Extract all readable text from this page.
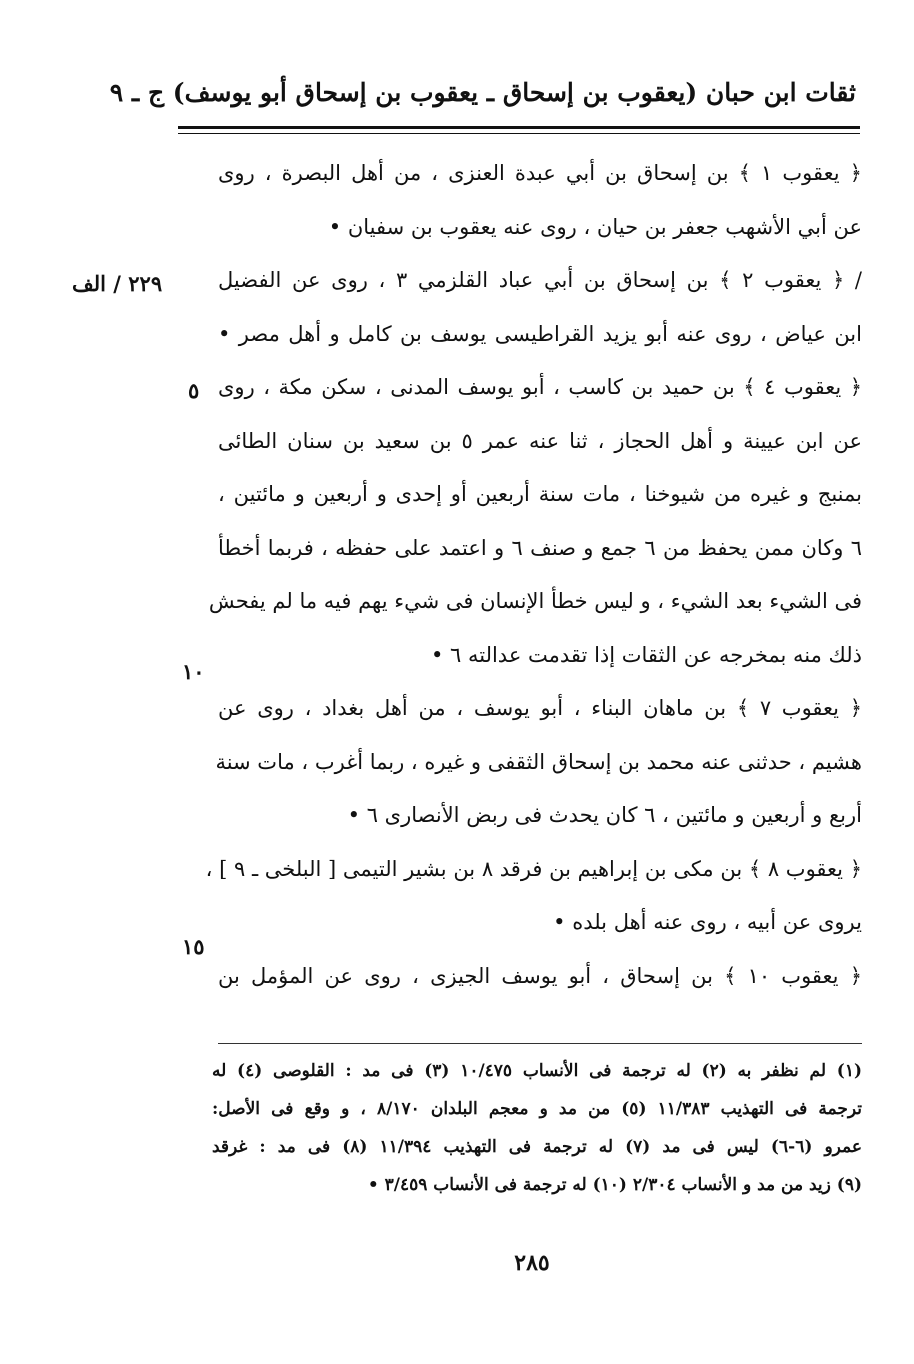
ثقات ابن حبان (يعقوب بن إسحاق ـ يعقوب بن إسحاق أبو يوسف) ج ـ ٩
﴿ يعقوب ١ ﴾ بن إسحاق بن أبي عبدة العنزى ، من أهل البصرة ، روى
عن أبي الأشهب جعفر بن حيان ، روى عنه يعقوب بن سفيان •
/ ﴿ يعقوب ٢ ﴾ بن إسحاق بن أبي عباد القلزمي ٣ ، روى عن الفضيل
ابن عياض ، روى عنه أبو يزيد القراطيسى يوسف بن كامل و أهل مصر •
﴿ يعقوب ٤ ﴾ بن حميد بن كاسب ، أبو يوسف المدنى ، سكن مكة ، روى
عن ابن عيينة و أهل الحجاز ، ثنا عنه عمر ٥ بن سعيد بن سنان الطائى
بمنبج و غيره من شيوخنا ، مات سنة أربعين أو إحدى و أربعين و مائتين ،
٦ وكان ممن يحفظ من ٦ جمع و صنف ٦ و اعتمد على حفظه ، فربما أخطأ
فى الشيء بعد الشيء ، و ليس خطأ الإنسان فى شيء يهم فيه ما لم يفحش
ذلك منه بمخرجه عن الثقات إذا تقدمت عدالته ٦ •
﴿ يعقوب ٧ ﴾ بن ماهان البناء ، أبو يوسف ، من أهل بغداد ، روى عن
هشيم ، حدثنى عنه محمد بن إسحاق الثقفى و غيره ، ربما أغرب ، مات سنة
أربع و أربعين و مائتين ، ٦ كان يحدث فى ربض الأنصارى ٦ •
﴿ يعقوب ٨ ﴾ بن مكى بن إبراهيم بن فرقد ٨ بن بشير التيمى [ البلخى ـ ٩ ] ،
يروى عن أبيه ، روى عنه أهل بلده •
﴿ يعقوب ١٠ ﴾ بن إسحاق ، أبو يوسف الجيزى ، روى عن المؤمل بن
٢٢٩ / الف
٥
١٠
١٥
(١) لم نظفر به (٢) له ترجمة فى الأنساب ١٠/٤٧٥ (٣) فى مد : القلوصى (٤) له
ترجمة فى التهذيب ١١/٣٨٣ (٥) من مد و معجم البلدان ٨/١٧٠ ، و وقع فى الأصل:
عمرو (٦-٦) ليس فى مد (٧) له ترجمة فى التهذيب ١١/٣٩٤ (٨) فى مد : غرقد
(٩) زيد من مد و الأنساب ٢/٣٠٤ (١٠) له ترجمة فى الأنساب ٣/٤٥٩ •
٢٨٥
